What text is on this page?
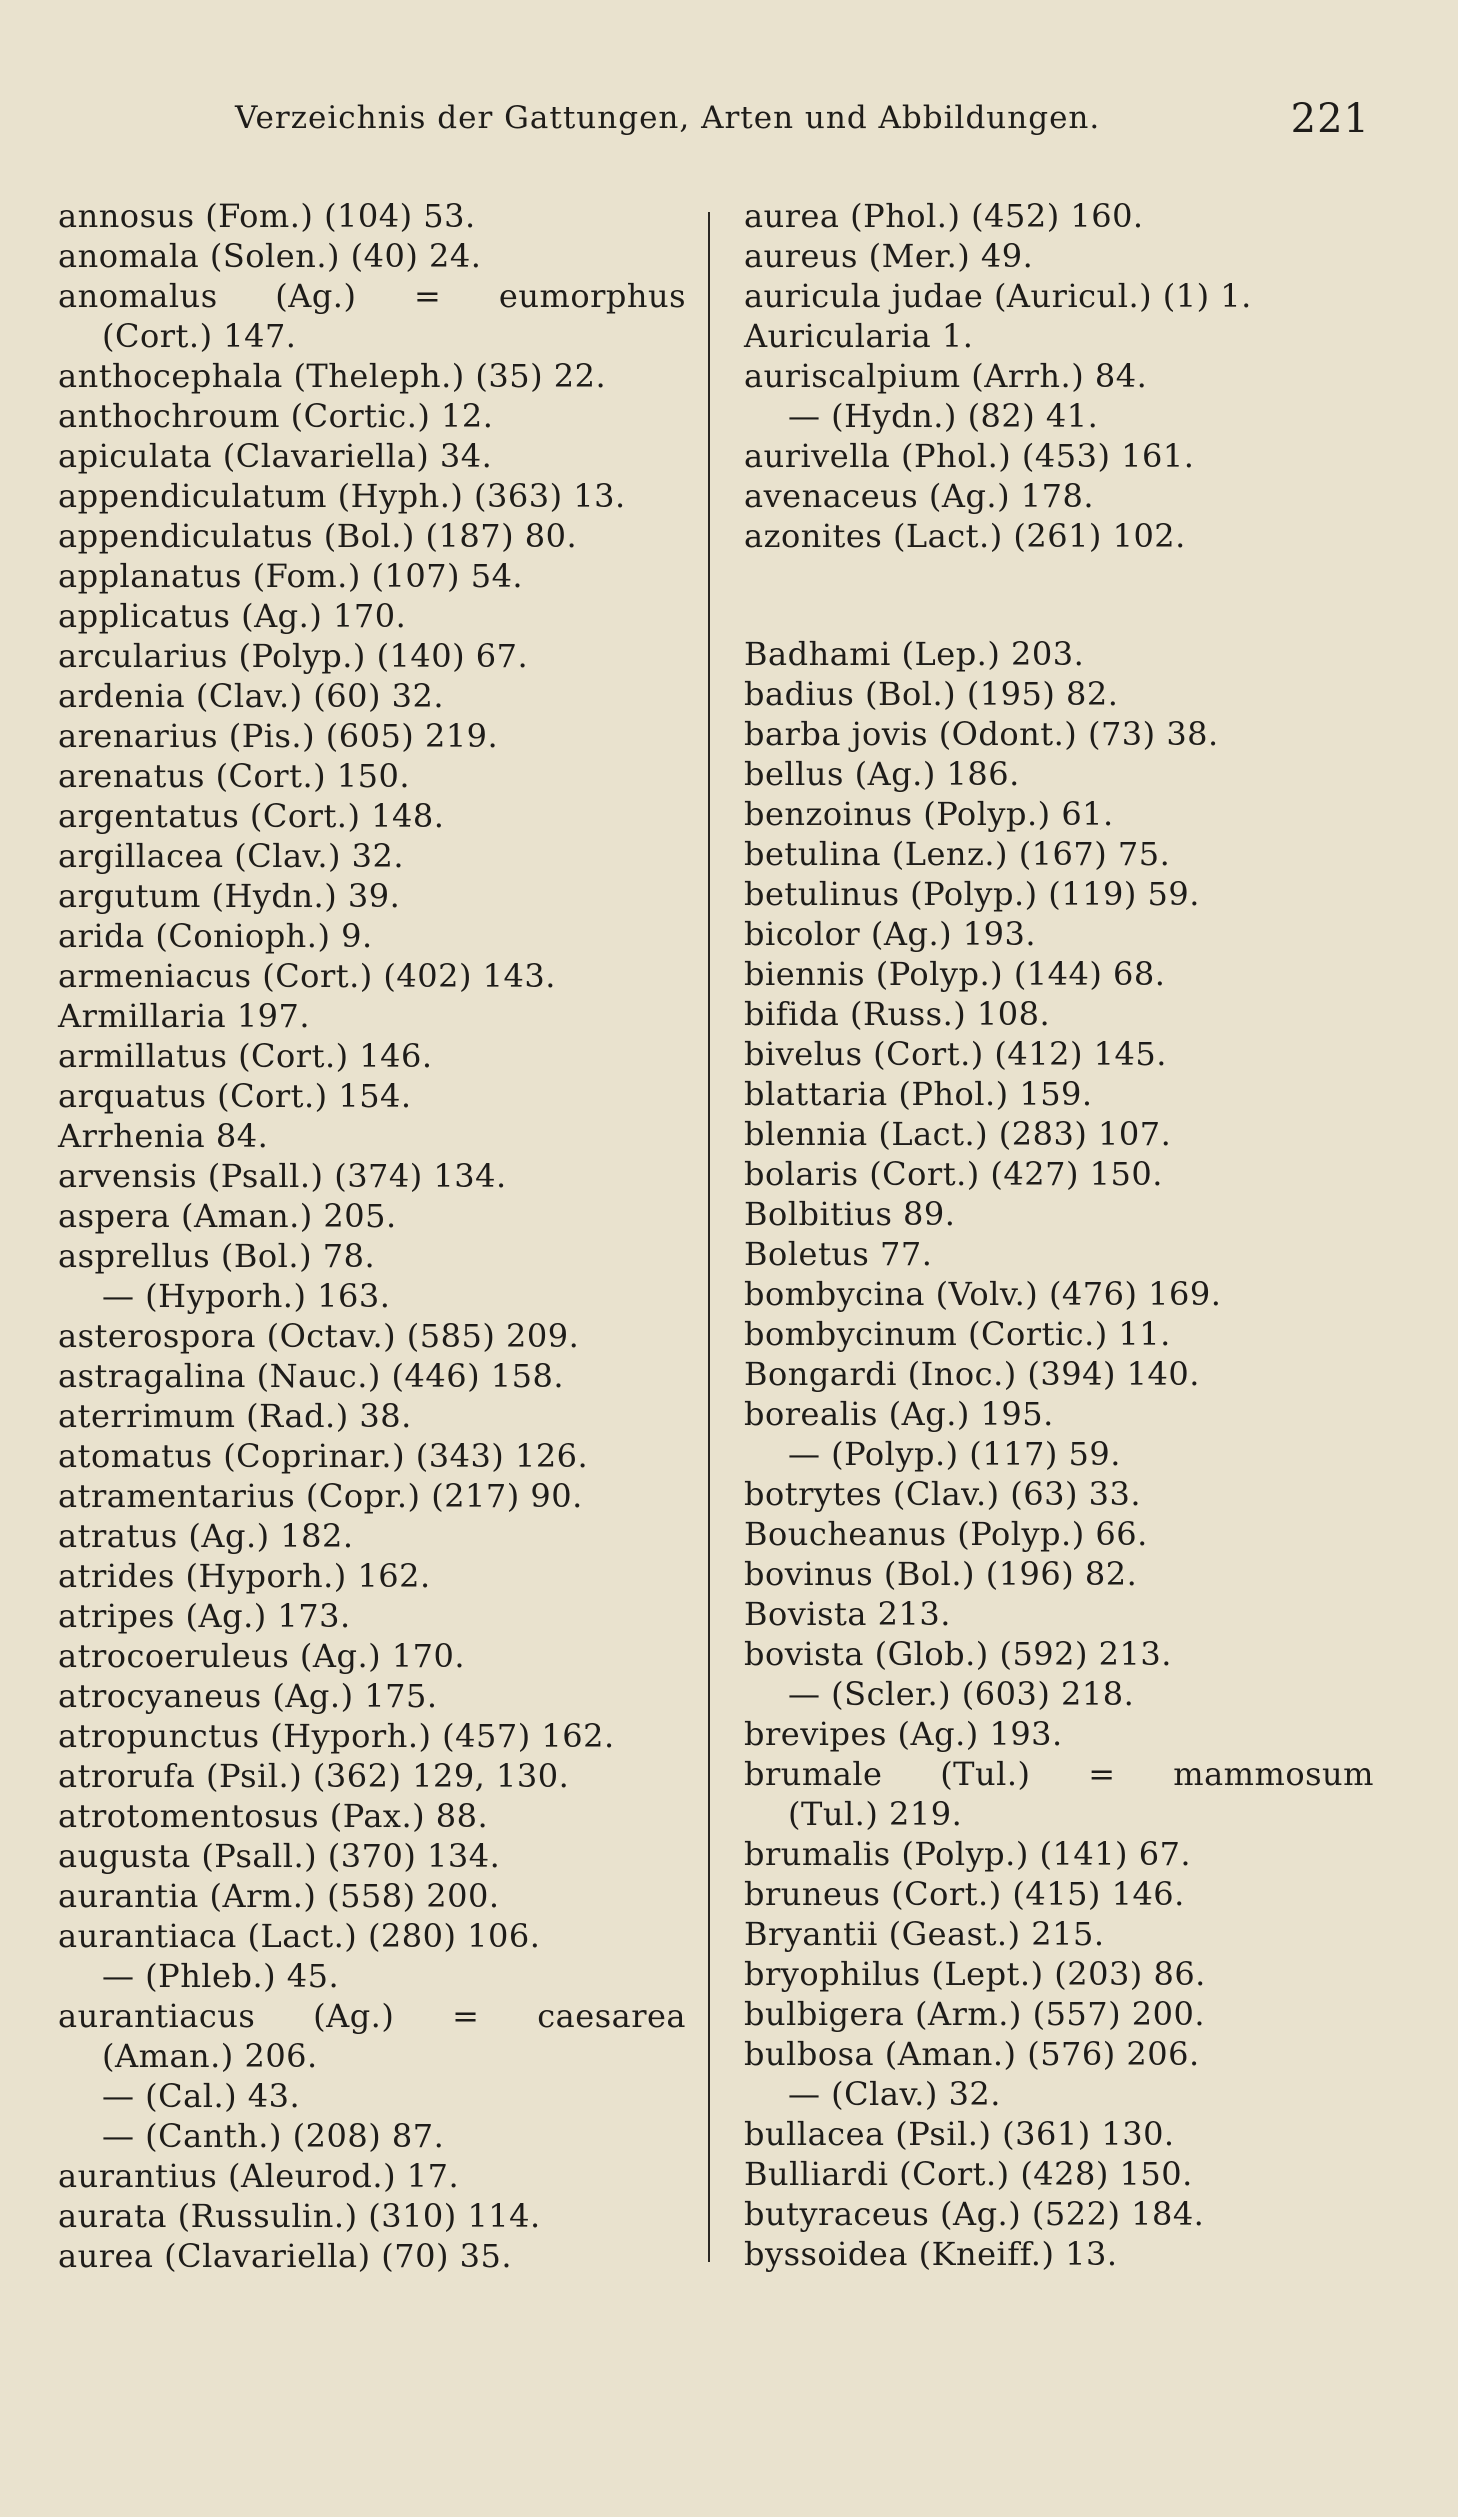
Verzeichnis der Gattungen, Arten und Abbildungen.	221
annosus (Fom.) (104) 53.
anomala (Solen.) (40) 24.
anomalus (Ag.) = eumorphus
(Cort.) 147.
anthocephala (Theleph.) (35) 22.
anthochroum (Cortic.) 12.
apiculata (Clavariella) 34.
appendiculatum (Hyph.) (363) 13.
appendiculatus (Bol.) (187) 80.
applanatus (Fom.) (107) 54.
applicatus (Ag.) 170.
arcularius (Polyp.) (140) 67.
ardenia (Clav.) (60) 32.
arenarius (Pis.) (605) 219.
arenatus (Cort.) 150.
argentatus (Cort.) 148.
argillacea (Clav.) 32.
argutum (Hydn.) 39.
arida (Conioph.) 9.
armeniacus (Cort.) (402) 143.
Armillaria 197.
armillatus (Cort.) 146.
arquatus (Cort.) 154.
Arrhenia 84.
arvensis (Psall.) (374) 134.
aspera (Aman.) 205.
asprellus (Bol.) 78.
— (Hyporh.) 163.
asterospora (Octav.) (585) 209.
astragalina (Nauc.) (446) 158.
aterrimum (Rad.) 38.
atomatus (Coprinar.) (343) 126.
atramentarius (Copr.) (217) 90.
atratus (Ag.) 182.
atrides (Hyporh.) 162.
atripes (Ag.) 173.
atrocoeruleus (Ag.) 170.
atrocyaneus (Ag.) 175.
atropunctus (Hyporh.) (457) 162.
atrorufa (Psil.) (362) 129, 130.
atrotomentosus (Pax.) 88.
augusta (Psall.) (370) 134.
aurantia (Arm.) (558) 200.
aurantiaca (Lact.) (280) 106.
— (Phleb.) 45.
aurantiacus (Ag.) = caesarea
(Aman.) 206.
— (Cal.) 43.
— (Canth.) (208) 87.
aurantius (Aleurod.) 17.
aurata (Russulin.) (310) 114.
aurea (Clavariella) (70) 35.
aurea (Phol.) (452) 160.
aureus (Mer.) 49.
auricula judae (Auricul.) (1) 1.
Auricularia 1.
auriscalpium (Arrh.) 84.
— (Hydn.) (82) 41.
aurivella (Phol.) (453) 161.
avenaceus (Ag.) 178.
azonites (Lact.) (261) 102.
Badhami (Lep.) 203.
badius (Bol.) (195) 82.
barba jovis (Odont.) (73) 38.
bellus (Ag.) 186.
benzoinus (Polyp.) 61.
betulina (Lenz.) (167) 75.
betulinus (Polyp.) (119) 59.
bicolor (Ag.) 193.
biennis (Polyp.) (144) 68.
bifida (Russ.) 108.
bivelus (Cort.) (412) 145.
blattaria (Phol.) 159.
blennia (Lact.) (283) 107.
bolaris (Cort.) (427) 150.
Bolbitius 89.
Boletus 77.
bombycina (Volv.) (476) 169.
bombycinum (Cortic.) 11.
Bongardi (Inoc.) (394) 140.
borealis (Ag.) 195.
— (Polyp.) (117) 59.
botrytes (Clav.) (63) 33.
Boucheanus (Polyp.) 66.
bovinus (Bol.) (196) 82.
Bovista 213.
bovista (Glob.) (592) 213.
— (Scler.) (603) 218.
brevipes (Ag.) 193.
brumale (Tul.) = mammosum
(Tul.) 219.
brumalis (Polyp.) (141) 67.
bruneus (Cort.) (415) 146.
Bryantii (Geast.) 215.
bryophilus (Lept.) (203) 86.
bulbigera (Arm.) (557) 200.
bulbosa (Aman.) (576) 206.
— (Clav.) 32.
bullacea (Psil.) (361) 130.
Bulliardi (Cort.) (428) 150.
butyraceus (Ag.) (522) 184.
byssoidea (Kneiff.) 13.
